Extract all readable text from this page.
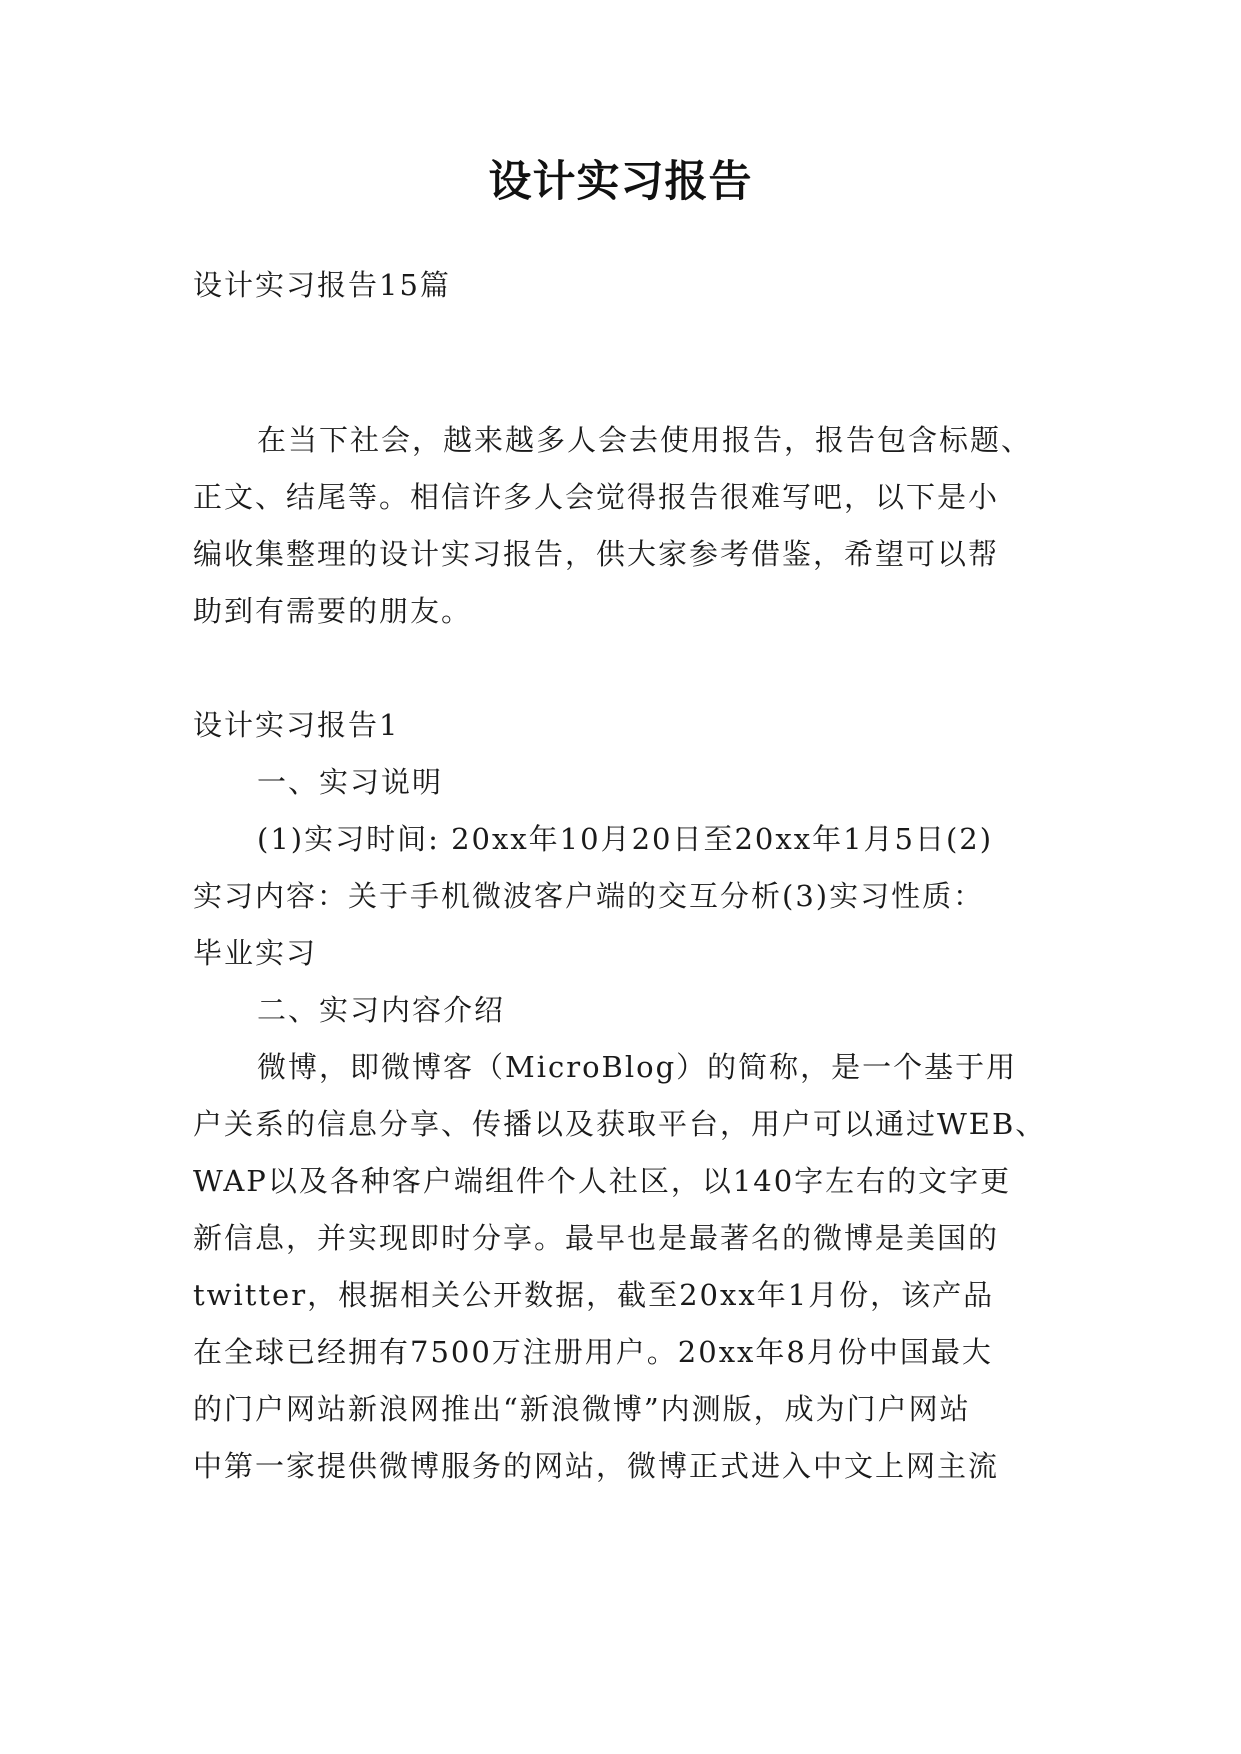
设计实习报告

设计实习报告15篇

在当下社会，越来越多人会去使用报告，报告包含标题、

正文、结尾等。相信许多人会觉得报告很难写吧，以下是小

编收集整理的设计实习报告，供大家参考借鉴，希望可以帮

助到有需要的朋友。

设计实习报告1

一、实习说明

(1)实习时间: 20xx年10月20日至20xx年1月5日(2)

实习内容：关于手机微波客户端的交互分析(3)实习性质：

毕业实习

二、实习内容介绍

微博，即微博客（MicroBlog）的简称，是一个基于用

户关系的信息分享、传播以及获取平台，用户可以通过WEB、

WAP以及各种客户端组件个人社区，以140字左右的文字更

新信息，并实现即时分享。最早也是最著名的微博是美国的

twitter，根据相关公开数据，截至20xx年1月份，该产品

在全球已经拥有7500万注册用户。20xx年8月份中国最大

的门户网站新浪网推出“新浪微博”内测版，成为门户网站

中第一家提供微博服务的网站，微博正式进入中文上网主流
